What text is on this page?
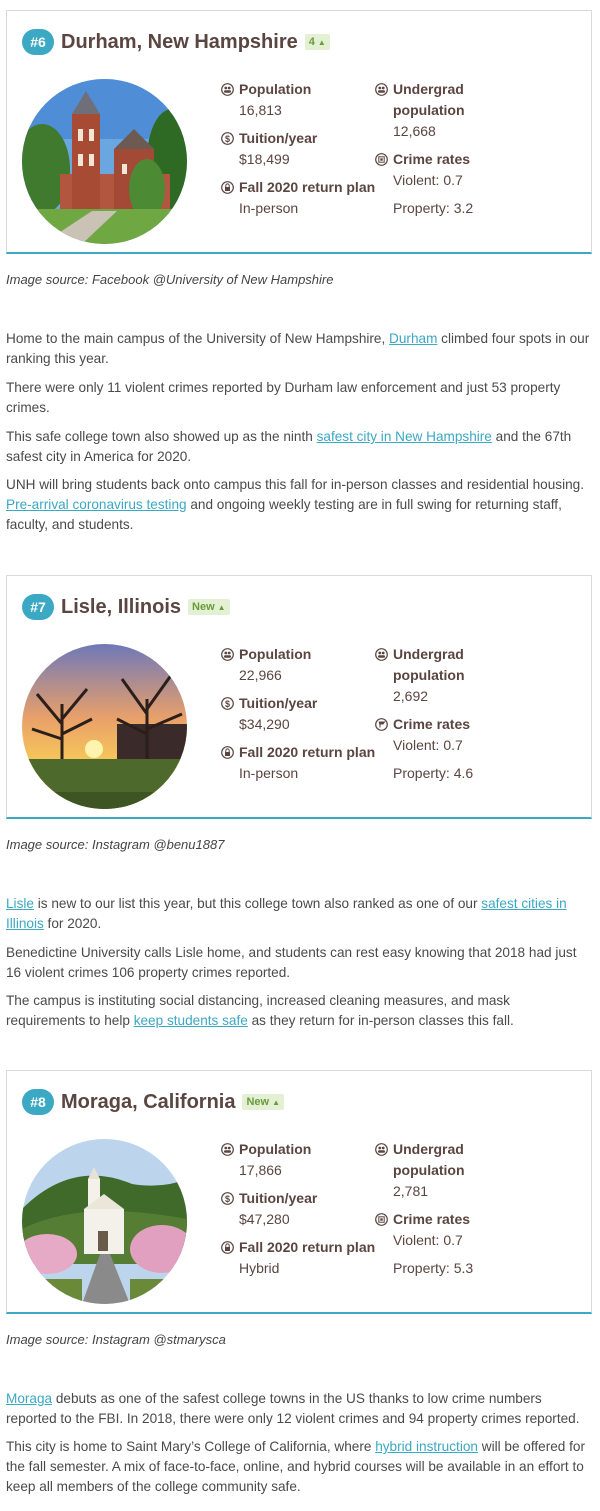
#6 Durham, New Hampshire 4 ▲
Population
16,813
$ Tuition/year
$18,499
Fall 2020 return plan
In-person
Undergrad
population
12,668
Crime rates
Violent: 0.7
Property: 3.2
Image source: Facebook @University of New Hampshire

Home to the main campus of the University of New Hampshire, Durham climbed four spots in our ranking this year.

There were only 11 violent crimes reported by Durham law enforcement and just 53 property crimes.

This safe college town also showed up as the ninth safest city in New Hampshire and the 67th safest city in America for 2020.

UNH will bring students back onto campus this fall for in-person classes and residential housing. Pre-arrival coronavirus testing and ongoing weekly testing are in full swing for returning staff, faculty, and students.

#7 Lisle, Illinois New ▲
Population
22,966
$ Tuition/year
$34,290
Fall 2020 return plan
In-person
Undergrad
population
2,692
Crime rates
Violent: 0.7
Property: 4.6
Image source: Instagram @benu1887

Lisle is new to our list this year, but this college town also ranked as one of our safest cities in Illinois for 2020.

Benedictine University calls Lisle home, and students can rest easy knowing that 2018 had just 16 violent crimes 106 property crimes reported.

The campus is instituting social distancing, increased cleaning measures, and mask requirements to help keep students safe as they return for in-person classes this fall.

#8 Moraga, California New ▲
Population
17,866
$ Tuition/year
$47,280
Fall 2020 return plan
Hybrid
Undergrad
population
2,781
Crime rates
Violent: 0.7
Property: 5.3
Image source: Instagram @stmarysca

Moraga debuts as one of the safest college towns in the US thanks to low crime numbers reported to the FBI. In 2018, there were only 12 violent crimes and 94 property crimes reported.

This city is home to Saint Mary’s College of California, where hybrid instruction will be offered for the fall semester. A mix of face-to-face, online, and hybrid courses will be available in an effort to keep all members of the college community safe.
